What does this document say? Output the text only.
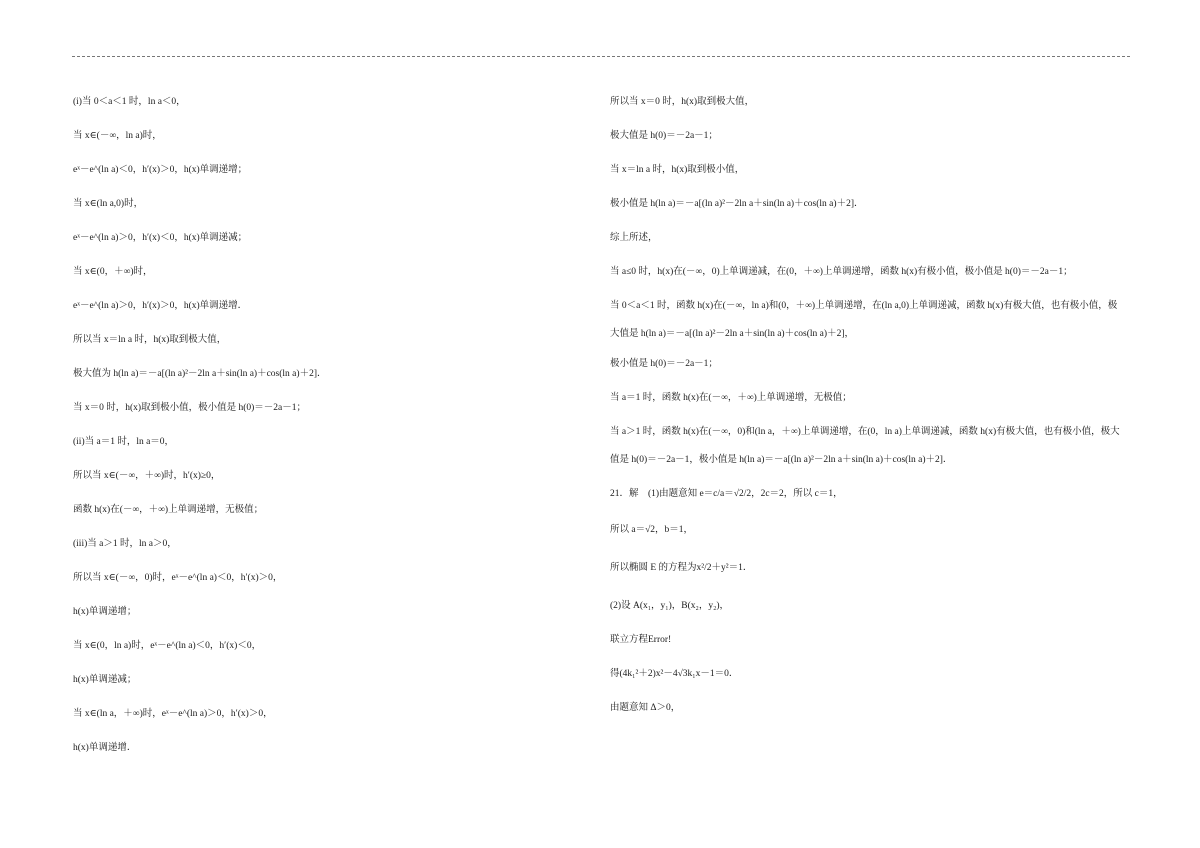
(i)当 0＜a＜1 时，ln a＜0，
当 x∈(－∞，ln a)时，
eˣ－e^(ln a)＜0，h′(x)＞0，h(x)单调递增；
当 x∈(ln a,0)时，
eˣ－e^(ln a)＞0，h′(x)＜0，h(x)单调递减；
当 x∈(0，＋∞)时，
eˣ－e^(ln a)＞0，h′(x)＞0，h(x)单调递增．
所以当 x＝ln a 时，h(x)取到极大值，
极大值为 h(ln a)＝－a[(ln a)²－2ln a＋sin(ln a)＋cos(ln a)＋2]．
当 x＝0 时，h(x)取到极小值，极小值是 h(0)＝－2a－1；
(ii)当 a＝1 时，ln a＝0，
所以当 x∈(－∞，＋∞)时，h′(x)≥0，
函数 h(x)在(－∞，＋∞)上单调递增，无极值；
(iii)当 a＞1 时，ln a＞0，
所以当 x∈(－∞，0)时，eˣ－e^(ln a)＜0，h′(x)＞0，
h(x)单调递增；
当 x∈(0，ln a)时，eˣ－e^(ln a)＜0，h′(x)＜0，
h(x)单调递减；
当 x∈(ln a，＋∞)时，eˣ－e^(ln a)＞0，h′(x)＞0，
h(x)单调递增．
所以当 x＝0 时，h(x)取到极大值，
极大值是 h(0)＝－2a－1；
当 x＝ln a 时，h(x)取到极小值，
极小值是 h(ln a)＝－a[(ln a)²－2ln a＋sin(ln a)＋cos(ln a)＋2]．
综上所述，
当 a≤0 时，h(x)在(－∞，0)上单调递减，在(0，＋∞)上单调递增，函数 h(x)有极小值，极小值是 h(0)＝－2a－1；
当 0＜a＜1 时，函数 h(x)在(－∞，ln a)和(0，＋∞)上单调递增，在(ln a,0)上单调递减，函数 h(x)有极大值，也有极小值，极大值是 h(ln a)＝－a[(ln a)²－2ln a＋sin(ln a)＋cos(ln a)＋2]，
极小值是 h(0)＝－2a－1；
当 a＝1 时，函数 h(x)在(－∞，＋∞)上单调递增，无极值；
当 a＞1 时，函数 h(x)在(－∞，0)和(ln a，＋∞)上单调递增，在(0，ln a)上单调递减，函数 h(x)有极大值，也有极小值，极大值是 h(0)＝－2a－1，极小值是 h(ln a)＝－a[(ln a)²－2ln a＋sin(ln a)＋cos(ln a)＋2]．
21．解　(1)由题意知 e＝c/a＝√2/2，2c＝2，所以 c＝1，
所以 a＝√2，b＝1，
所以椭圆 E 的方程为x²/2＋y²＝1．
(2)设 A(x₁，y₁)，B(x₂，y₂)，
联立方程Error!
得(4k₁²＋2)x²－4√3k₁x－1＝0．
由题意知 Δ＞0，
